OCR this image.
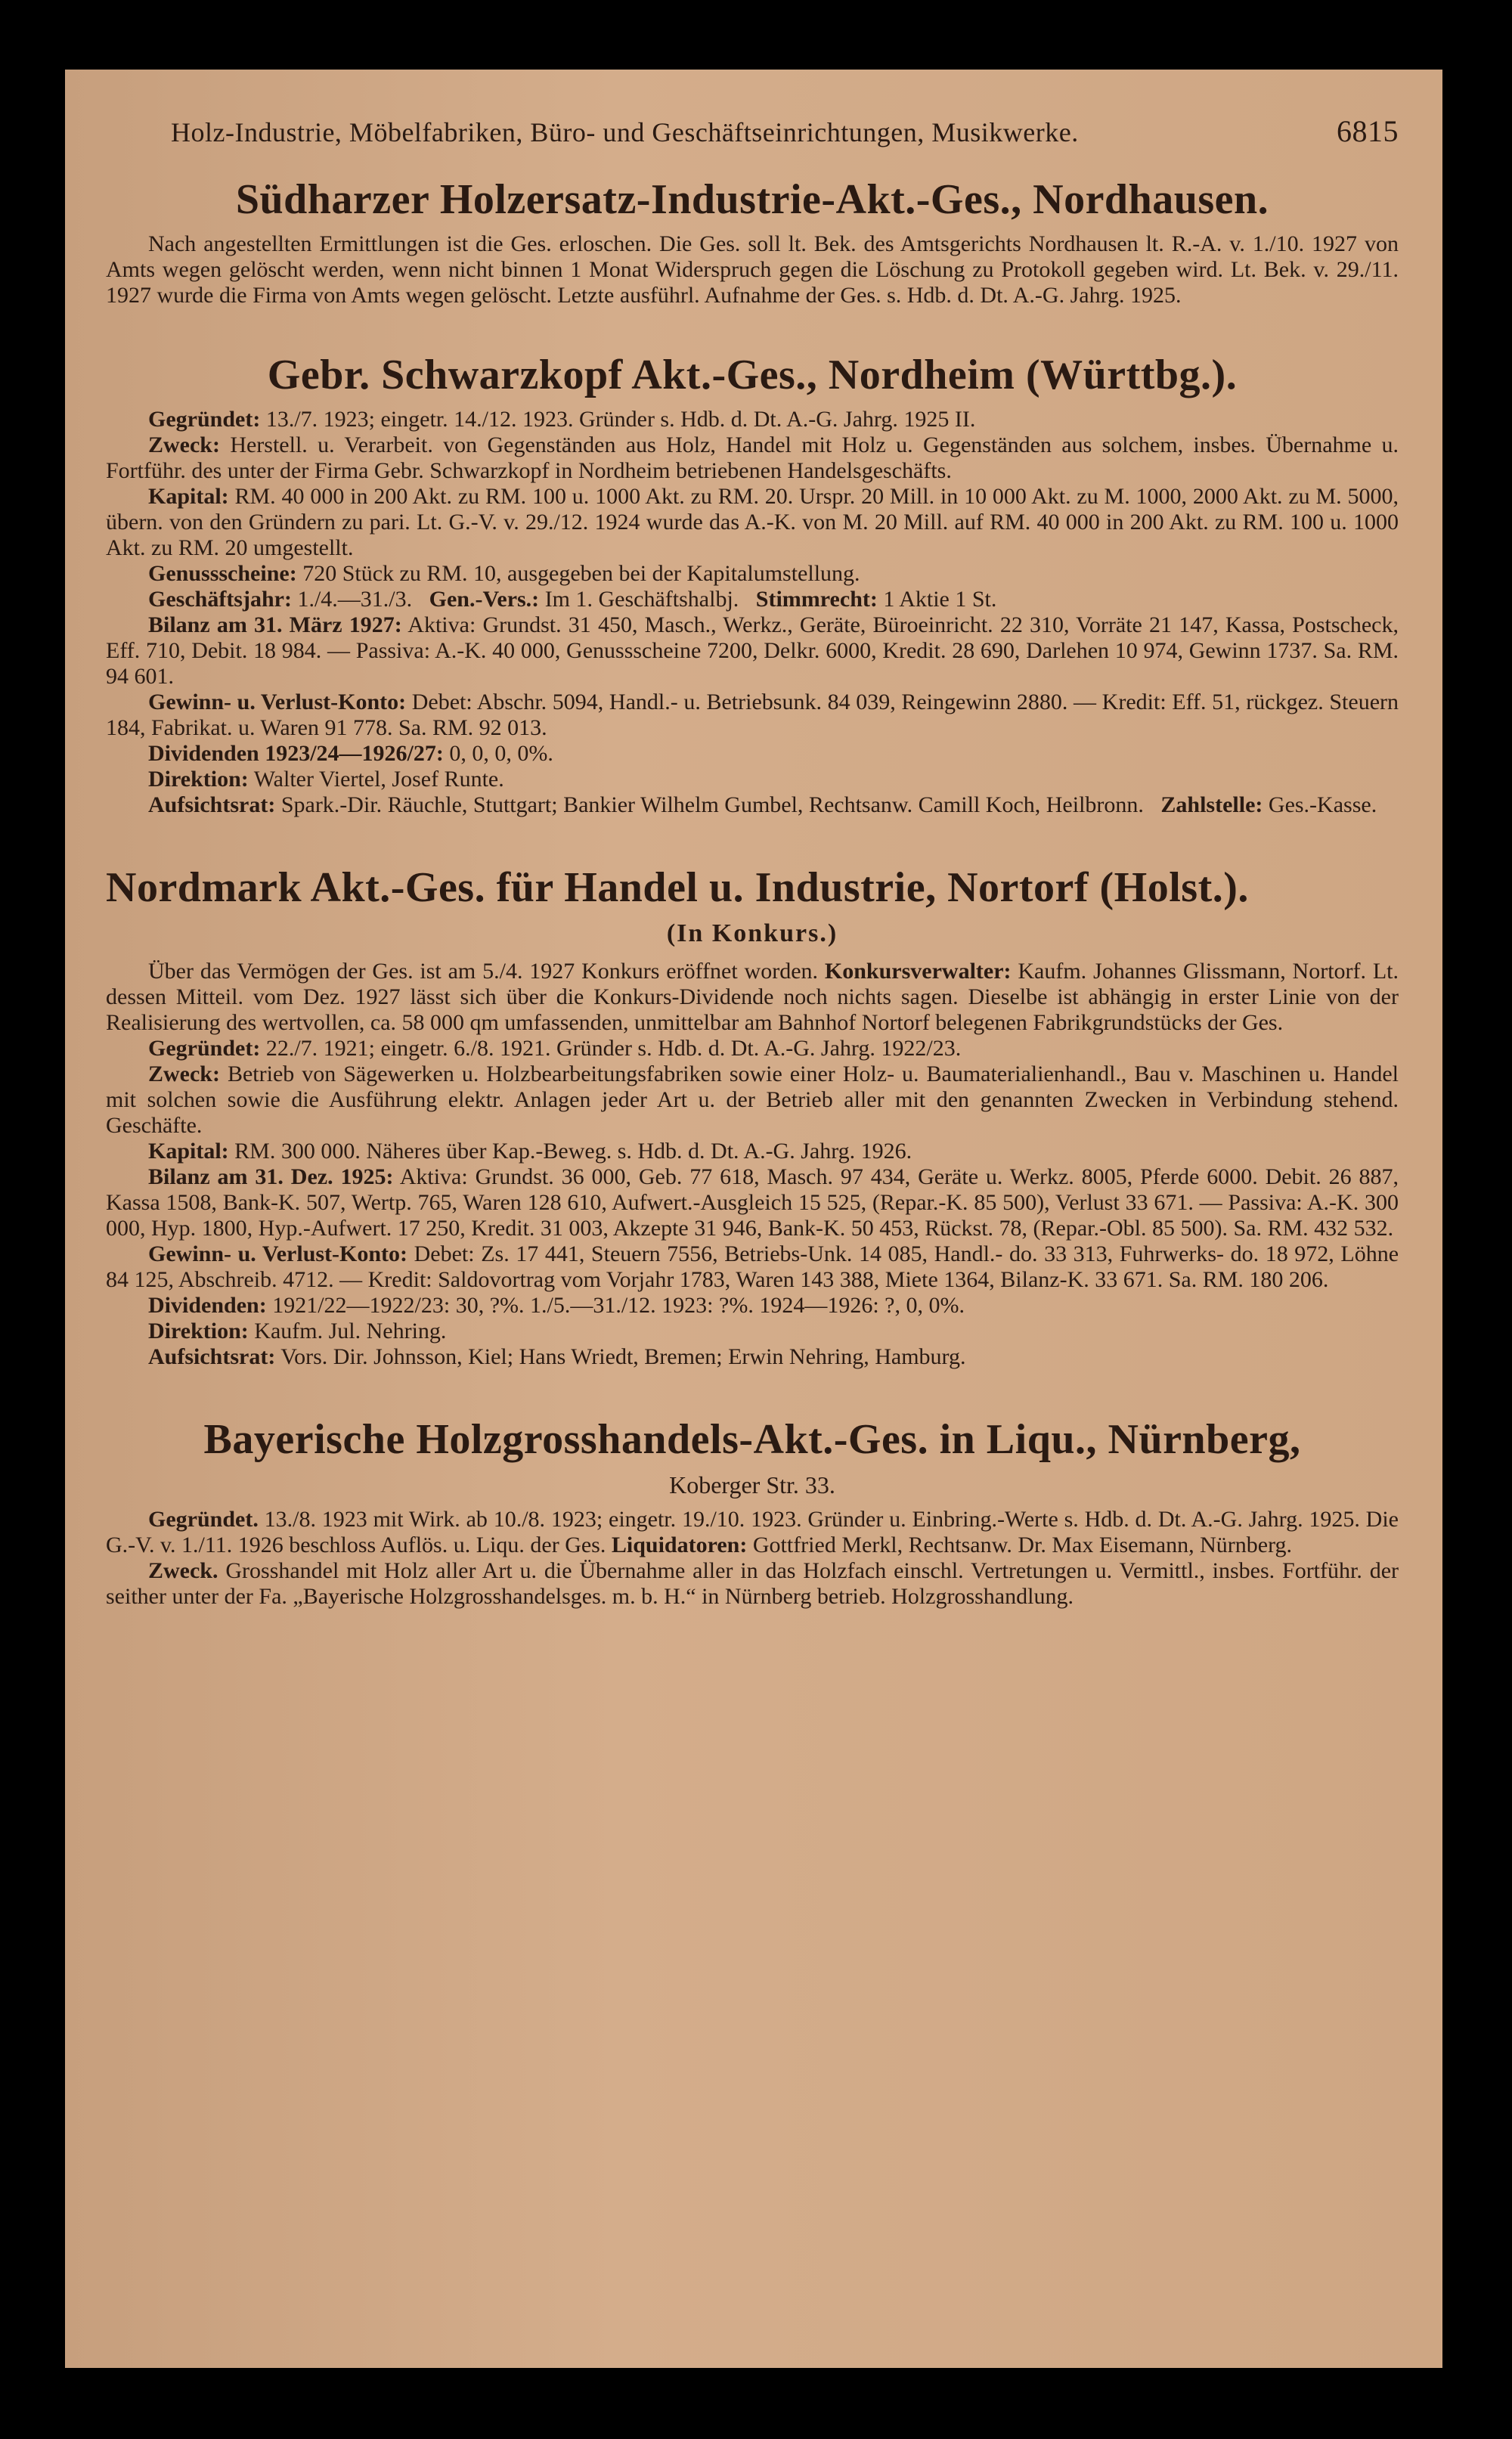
Holz-Industrie, Möbelfabriken, Büro- und Geschäftseinrichtungen, Musikwerke.	6815
Südharzer Holzersatz-Industrie-Akt.-Ges., Nordhausen.

Nach angestellten Ermittlungen ist die Ges. erloschen. Die Ges. soll lt. Bek. des Amtsgerichts Nordhausen lt. R.-A. v. 1./10. 1927 von Amts wegen gelöscht werden, wenn nicht binnen 1 Monat Widerspruch gegen die Löschung zu Protokoll gegeben wird. Lt. Bek. v. 29./11. 1927 wurde die Firma von Amts wegen gelöscht. Letzte ausführl. Aufnahme der Ges. s. Hdb. d. Dt. A.-G. Jahrg. 1925.

Gebr. Schwarzkopf Akt.-Ges., Nordheim (Württbg.).

Gegründet: 13./7. 1923; eingetr. 14./12. 1923. Gründer s. Hdb. d. Dt. A.-G. Jahrg. 1925 II.

Zweck: Herstell. u. Verarbeit. von Gegenständen aus Holz, Handel mit Holz u. Gegenständen aus solchem, insbes. Übernahme u. Fortführ. des unter der Firma Gebr. Schwarzkopf in Nordheim betriebenen Handelsgeschäfts.

Kapital: RM. 40 000 in 200 Akt. zu RM. 100 u. 1000 Akt. zu RM. 20. Urspr. 20 Mill. in 10 000 Akt. zu M. 1000, 2000 Akt. zu M. 5000, übern. von den Gründern zu pari. Lt. G.-V. v. 29./12. 1924 wurde das A.-K. von M. 20 Mill. auf RM. 40 000 in 200 Akt. zu RM. 100 u. 1000 Akt. zu RM. 20 umgestellt.

Genussscheine: 720 Stück zu RM. 10, ausgegeben bei der Kapitalumstellung.

Geschäftsjahr: 1./4.—31./3. Gen.-Vers.: Im 1. Geschäftshalbj. Stimmrecht: 1 Aktie 1 St.

Bilanz am 31. März 1927: Aktiva: Grundst. 31 450, Masch., Werkz., Geräte, Büroeinricht. 22 310, Vorräte 21 147, Kassa, Postscheck, Eff. 710, Debit. 18 984. — Passiva: A.-K. 40 000, Genussscheine 7200, Delkr. 6000, Kredit. 28 690, Darlehen 10 974, Gewinn 1737. Sa. RM. 94 601.

Gewinn- u. Verlust-Konto: Debet: Abschr. 5094, Handl.- u. Betriebsunk. 84 039, Reingewinn 2880. — Kredit: Eff. 51, rückgez. Steuern 184, Fabrikat. u. Waren 91 778. Sa. RM. 92 013.

Dividenden 1923/24—1926/27: 0, 0, 0, 0%.

Direktion: Walter Viertel, Josef Runte.

Aufsichtsrat: Spark.-Dir. Räuchle, Stuttgart; Bankier Wilhelm Gumbel, Rechtsanw. Camill Koch, Heilbronn. Zahlstelle: Ges.-Kasse.

Nordmark Akt.-Ges. für Handel u. Industrie, Nortorf (Holst.).
(In Konkurs.)

Über das Vermögen der Ges. ist am 5./4. 1927 Konkurs eröffnet worden. Konkursverwalter: Kaufm. Johannes Glissmann, Nortorf. Lt. dessen Mitteil. vom Dez. 1927 lässt sich über die Konkurs-Dividende noch nichts sagen. Dieselbe ist abhängig in erster Linie von der Realisierung des wertvollen, ca. 58 000 qm umfassenden, unmittelbar am Bahnhof Nortorf belegenen Fabrikgrundstücks der Ges.

Gegründet: 22./7. 1921; eingetr. 6./8. 1921. Gründer s. Hdb. d. Dt. A.-G. Jahrg. 1922/23.

Zweck: Betrieb von Sägewerken u. Holzbearbeitungsfabriken sowie einer Holz- u. Baumaterialienhandl., Bau v. Maschinen u. Handel mit solchen sowie die Ausführung elektr. Anlagen jeder Art u. der Betrieb aller mit den genannten Zwecken in Verbindung stehend. Geschäfte.

Kapital: RM. 300 000. Näheres über Kap.-Beweg. s. Hdb. d. Dt. A.-G. Jahrg. 1926.

Bilanz am 31. Dez. 1925: Aktiva: Grundst. 36 000, Geb. 77 618, Masch. 97 434, Geräte u. Werkz. 8005, Pferde 6000. Debit. 26 887, Kassa 1508, Bank-K. 507, Wertp. 765, Waren 128 610, Aufwert.-Ausgleich 15 525, (Repar.-K. 85 500), Verlust 33 671. — Passiva: A.-K. 300 000, Hyp. 1800, Hyp.-Aufwert. 17 250, Kredit. 31 003, Akzepte 31 946, Bank-K. 50 453, Rückst. 78, (Repar.-Obl. 85 500). Sa. RM. 432 532.

Gewinn- u. Verlust-Konto: Debet: Zs. 17 441, Steuern 7556, Betriebs-Unk. 14 085, Handl.- do. 33 313, Fuhrwerks- do. 18 972, Löhne 84 125, Abschreib. 4712. — Kredit: Saldovortrag vom Vorjahr 1783, Waren 143 388, Miete 1364, Bilanz-K. 33 671. Sa. RM. 180 206.

Dividenden: 1921/22—1922/23: 30, ?%. 1./5.—31./12. 1923: ?%. 1924—1926: ?, 0, 0%.

Direktion: Kaufm. Jul. Nehring.

Aufsichtsrat: Vors. Dir. Johnsson, Kiel; Hans Wriedt, Bremen; Erwin Nehring, Hamburg.

Bayerische Holzgrosshandels-Akt.-Ges. in Liqu., Nürnberg,
Koberger Str. 33.

Gegründet. 13./8. 1923 mit Wirk. ab 10./8. 1923; eingetr. 19./10. 1923. Gründer u. Einbring.-Werte s. Hdb. d. Dt. A.-G. Jahrg. 1925. Die G.-V. v. 1./11. 1926 beschloss Auflös. u. Liqu. der Ges. Liquidatoren: Gottfried Merkl, Rechtsanw. Dr. Max Eisemann, Nürnberg.

Zweck. Grosshandel mit Holz aller Art u. die Übernahme aller in das Holzfach einschl. Vertretungen u. Vermittl., insbes. Fortführ. der seither unter der Fa. „Bayerische Holzgrosshandelsges. m. b. H.“ in Nürnberg betrieb. Holzgrosshandlung.
